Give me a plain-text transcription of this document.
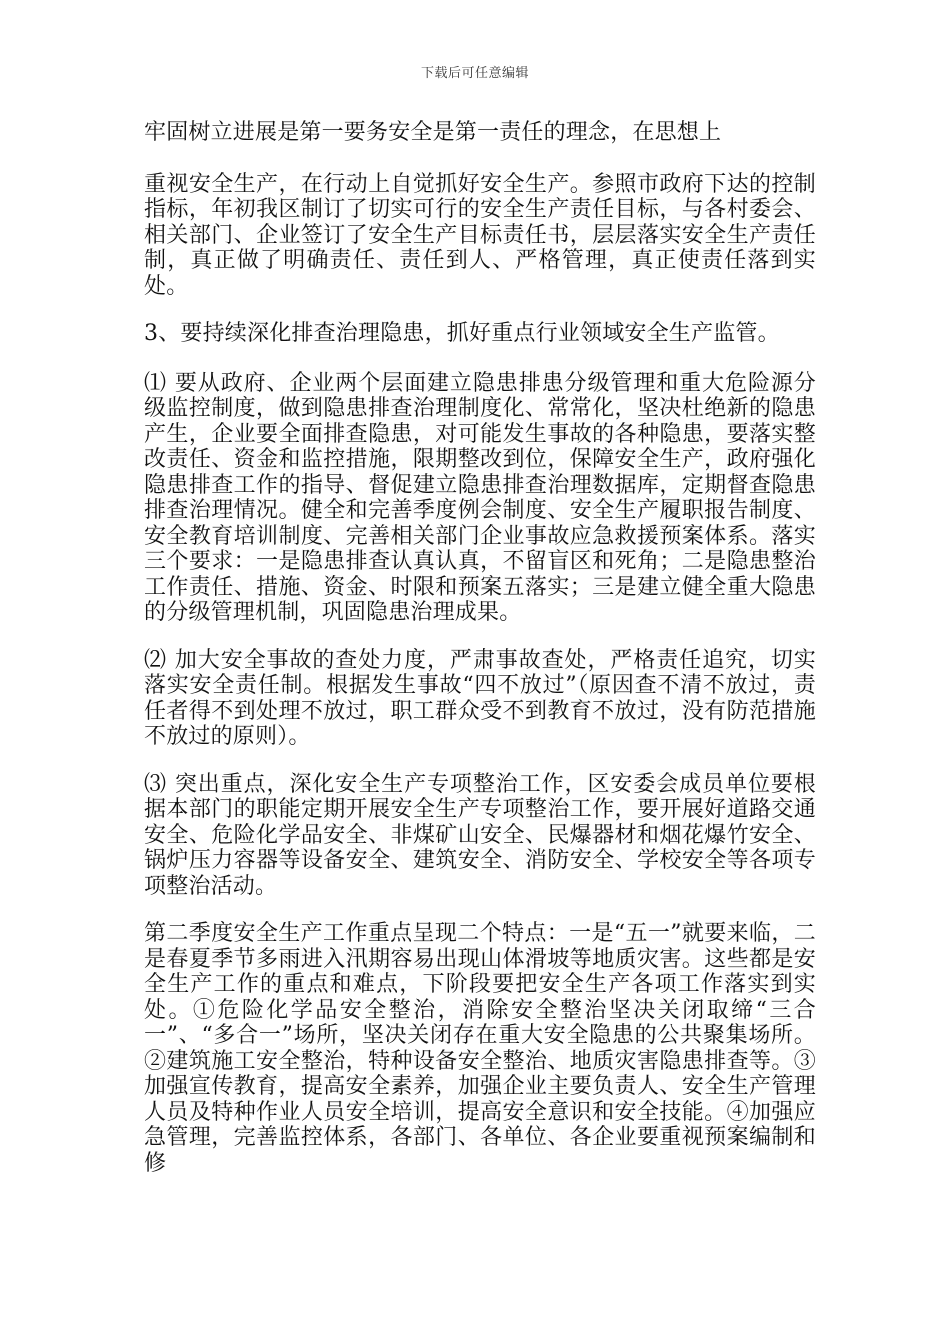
下载后可任意编辑

牢固树立进展是第一要务安全是第一责任的理念，在思想上

重视安全生产，在行动上自觉抓好安全生产。参照市政府下达的控制指标，年初我区制订了切实可行的安全生产责任目标，与各村委会、相关部门、企业签订了安全生产目标责任书，层层落实安全生产责任制，真正做了明确责任、责任到人、严格管理，真正使责任落到实处。

3、要持续深化排查治理隐患，抓好重点行业领域安全生产监管。

⑴ 要从政府、企业两个层面建立隐患排患分级管理和重大危险源分级监控制度，做到隐患排查治理制度化、常常化，坚决杜绝新的隐患产生，企业要全面排查隐患，对可能发生事故的各种隐患，要落实整改责任、资金和监控措施，限期整改到位，保障安全生产，政府强化隐患排查工作的指导、督促建立隐患排查治理数据库，定期督查隐患排查治理情况。健全和完善季度例会制度、安全生产履职报告制度、安全教育培训制度、完善相关部门企业事故应急救援预案体系。落实三个要求：一是隐患排查认真认真，不留盲区和死角；二是隐患整治工作责任、措施、资金、时限和预案五落实；三是建立健全重大隐患的分级管理机制，巩固隐患治理成果。

⑵ 加大安全事故的查处力度，严肃事故查处，严格责任追究，切实落实安全责任制。根据发生事故“四不放过”（原因查不清不放过，责任者得不到处理不放过，职工群众受不到教育不放过，没有防范措施不放过的原则）。

⑶ 突出重点，深化安全生产专项整治工作，区安委会成员单位要根据本部门的职能定期开展安全生产专项整治工作，要开展好道路交通安全、危险化学品安全、非煤矿山安全、民爆器材和烟花爆竹安全、锅炉压力容器等设备安全、建筑安全、消防安全、学校安全等各项专项整治活动。

第二季度安全生产工作重点呈现二个特点：一是“五一”就要来临，二是春夏季节多雨进入汛期容易出现山体滑坡等地质灾害。这些都是安全生产工作的重点和难点，下阶段要把安全生产各项工作落实到实处。①危险化学品安全整治，消除安全整治坚决关闭取缔“三合一”、“多合一”场所，坚决关闭存在重大安全隐患的公共聚集场所。②建筑施工安全整治，特种设备安全整治、地质灾害隐患排查等。③加强宣传教育，提高安全素养，加强企业主要负责人、安全生产管理人员及特种作业人员安全培训，提高安全意识和安全技能。④加强应急管理，完善监控体系，各部门、各单位、各企业要重视预案编制和修
